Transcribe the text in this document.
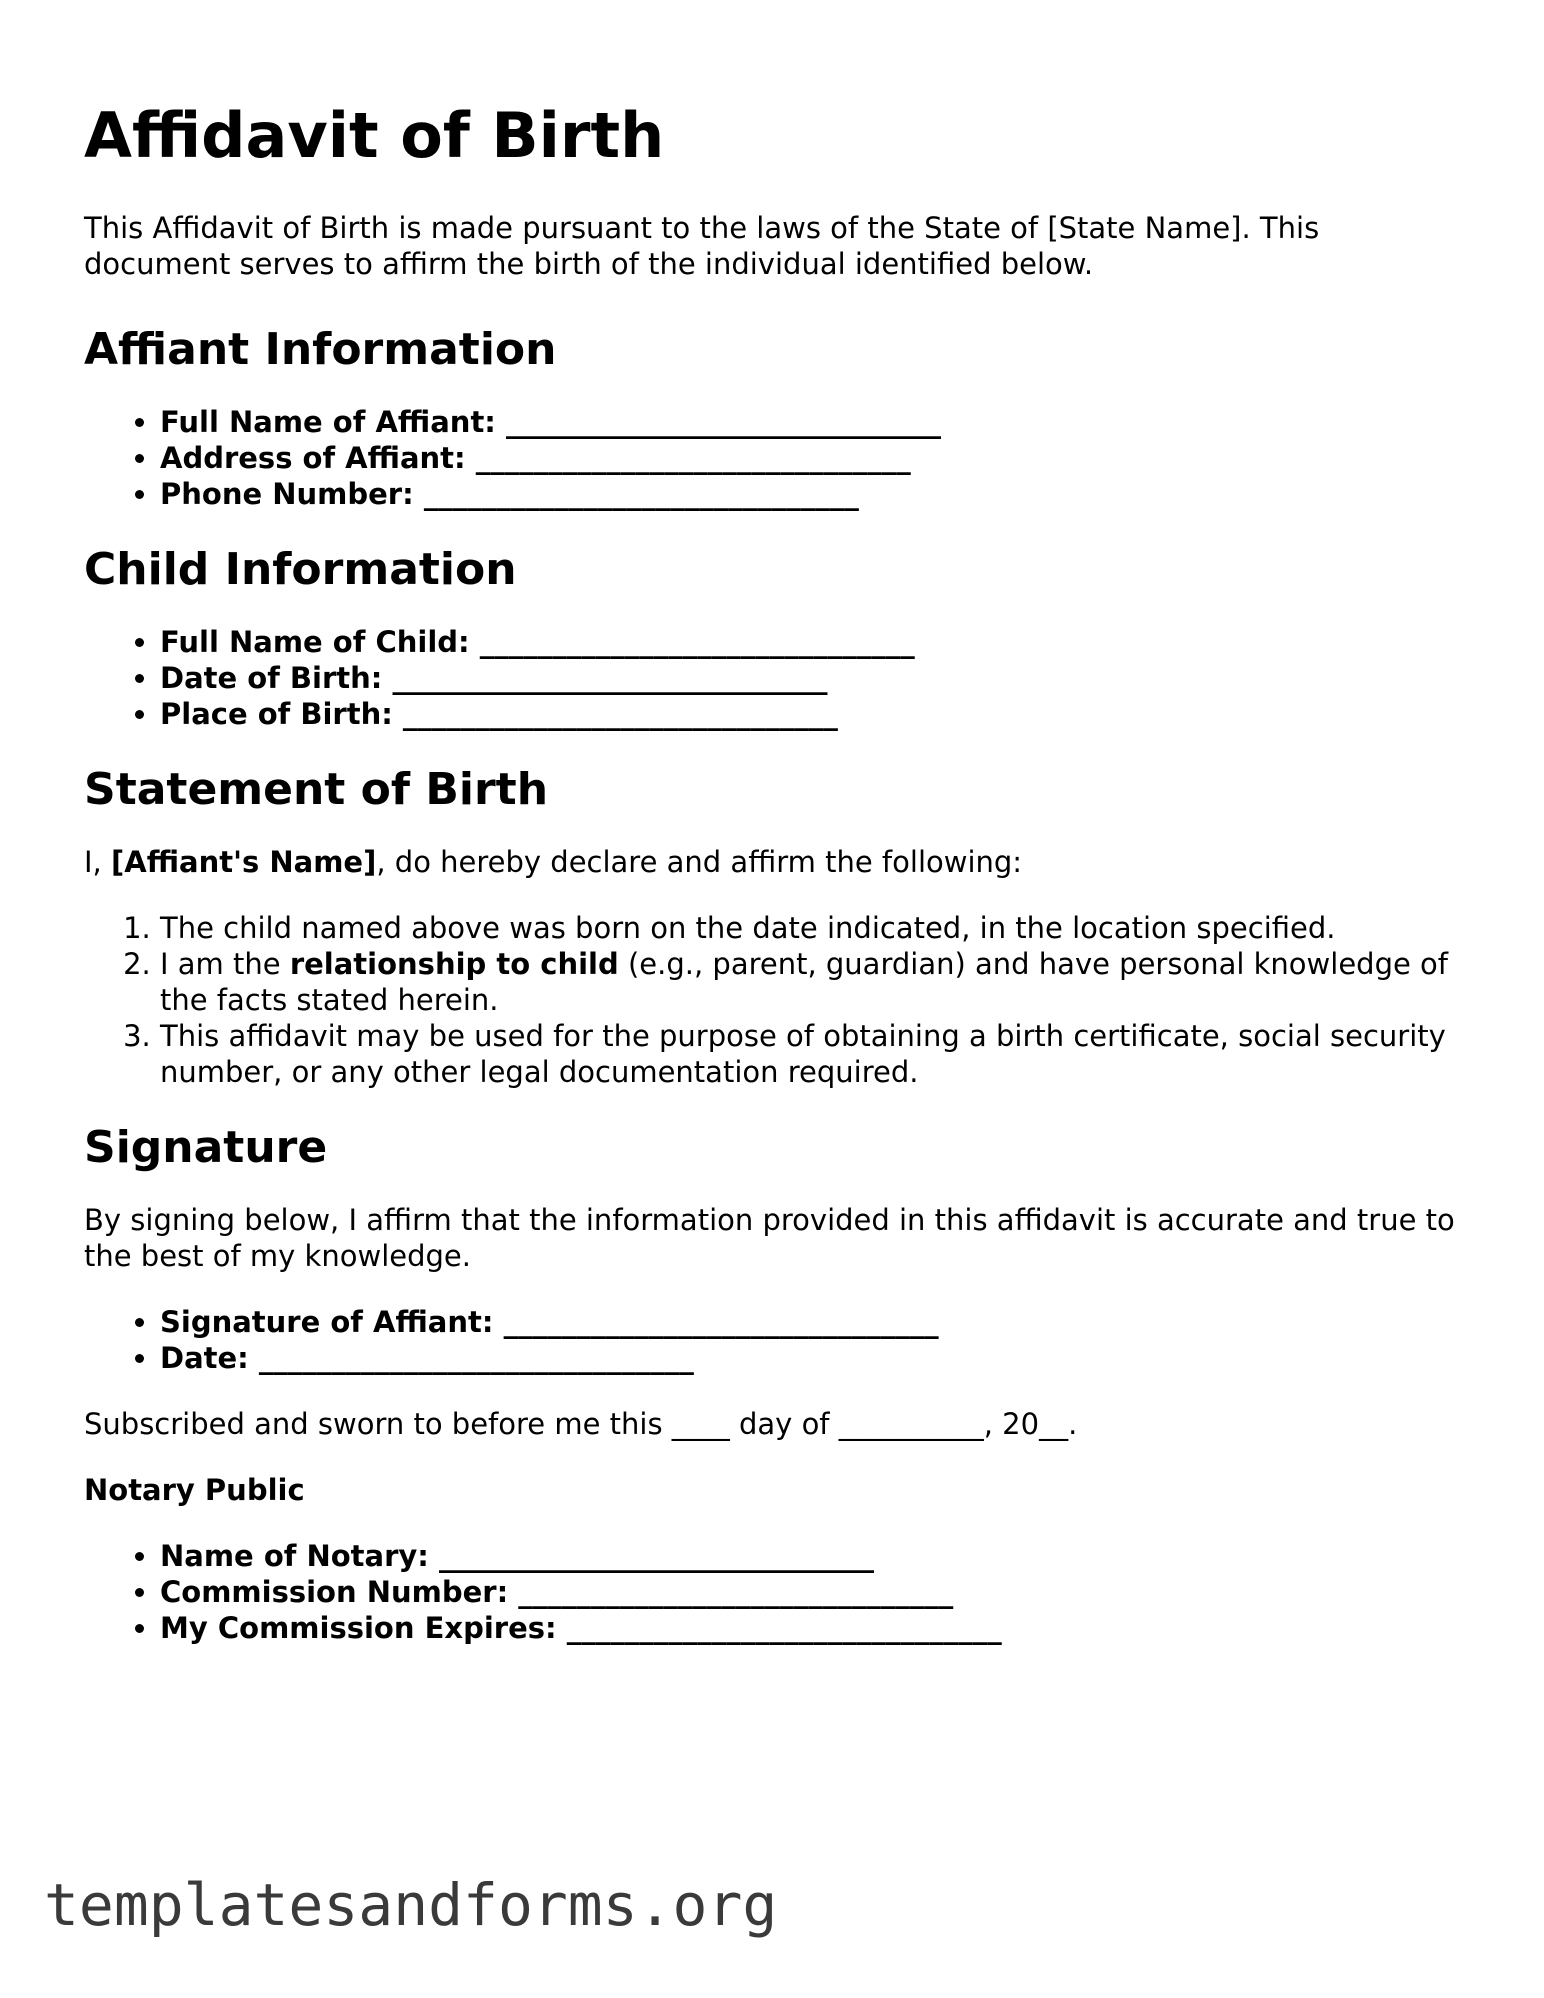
Affidavit of Birth

This Affidavit of Birth is made pursuant to the laws of the State of [State Name]. This document serves to affirm the birth of the individual identified below.

Affiant Information
• Full Name of Affiant: ______________________________
• Address of Affiant: ______________________________
• Phone Number: ______________________________
Child Information
• Full Name of Child: ______________________________
• Date of Birth: ______________________________
• Place of Birth: ______________________________
Statement of Birth

I, [Affiant's Name], do hereby declare and affirm the following:

1. The child named above was born on the date indicated, in the location specified.
2. I am the relationship to child (e.g., parent, guardian) and have personal knowledge of the facts stated herein.
3. This affidavit may be used for the purpose of obtaining a birth certificate, social security number, or any other legal documentation required.
Signature

By signing below, I affirm that the information provided in this affidavit is accurate and true to the best of my knowledge.

• Signature of Affiant: ______________________________
• Date: ______________________________

Subscribed and sworn to before me this ____ day of __________, 20__.

Notary Public
• Name of Notary: ______________________________
• Commission Number: ______________________________
• My Commission Expires: ______________________________
templatesandforms.org
